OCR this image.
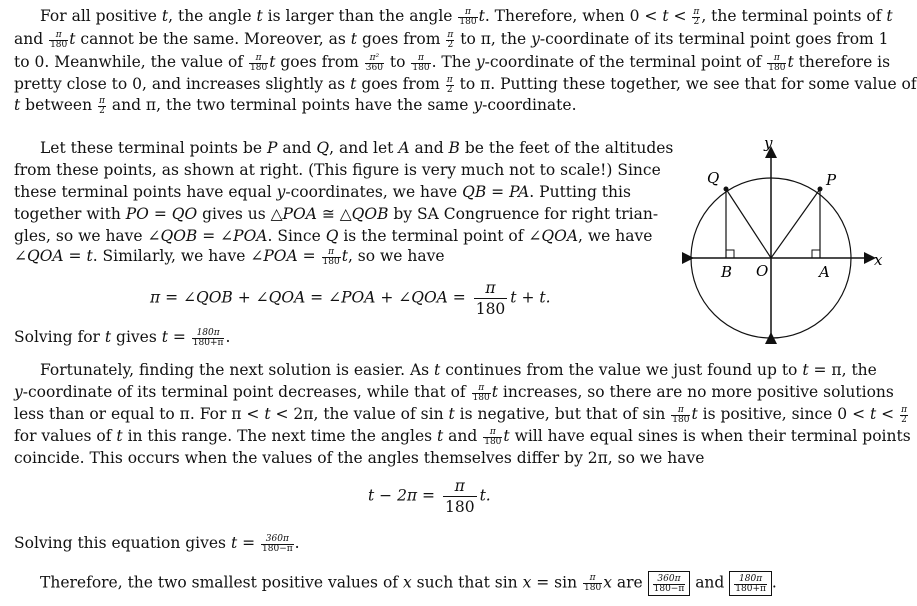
For all positive t, the angle t is larger than the angle $\frac{\pi}{180} t$. Therefore, when $0 < t < \frac{\pi}{2}$ , the terminal points of t
and $\frac{\pi}{180}$ t cannot be the same. Moreover, as t goes from $\frac{\pi}{2}$ to π, the y-coordinate of its terminal point goes from 1
to 0. Meanwhile, the value of $\frac{\pi}{180}$ t goes from $\frac{\text{π²}}{360}$ to $\frac{\pi}{180}$ . The y-coordinate of the terminal point of $\frac{\pi}{180}$ t therefore is
pretty close to 0, and increases slightly as t goes from $\frac{\pi}{2}$ to π. Putting these together, we see that for some value of
t between $\frac{\pi}{2}$ and π, the two terminal points have the same y-coordinate.
Let these terminal points be P and Q, and let A and B be the feet of the altitudes
from these points, as shown at right. (This figure is very much not to scale!) Since
these terminal points have equal y-coordinates, we have QB = PA. Putting this
together with PO = QO gives us △POA ≅ △QOB by SA Congruence for right trian-
gles, so we have ∠QOB = ∠POA. Since Q is the terminal point of ∠QOA, we have
∠QOA = t. Similarly, we have ∠POA = $\frac{\pi}{180} t$, so we have
π = ∠QOB + ∠QOA = ∠POA + ∠QOA = $\frac{\pi}{180}$ t + t.
Solving for t gives $t = \frac{180\pi}{180+\pi}$ .
Fortunately, finding the next solution is easier. As t continues from the value we just found up to t = π, the
y-coordinate of its terminal point decreases, while that of $\frac{\pi}{180}$ t increases, so there are no more positive solutions
less than or equal to π. For π < t < 2π, the value of sin t is negative, but that of $\sin \frac{\pi}{180}$ t is positive, since $0 < t < \frac{\pi}{2}$
for values of t in this range. The next time the angles t and $\frac{\pi}{180}$ t will have equal sines is when their terminal points
coincide. This occurs when the values of the angles themselves differ by 2π, so we have
$t - 2\pi = \frac{\pi}{180} t$.
Solving this equation gives $t = \frac{360\pi}{180-\pi}$ .
Therefore, the two smallest positive values of x such that $\sin x = \sin \frac{\pi}{180}$ x are $\frac{360\pi}{180-\pi}$ and $\frac{180\pi}{180+\pi}$ .
y
x
Q	P
B O	A
